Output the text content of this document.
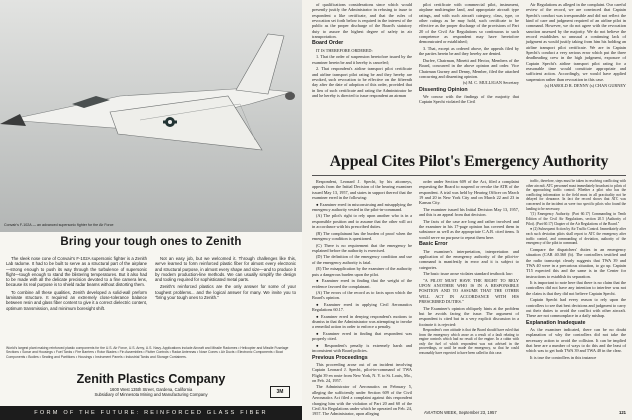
Convair's F-102A — an advanced supersonic fighter for the Air Force
Bring your tough ones to Zenith

The sleek nose cone of Convair's F-102A supersonic fighter is a Zenith Lab radome. It had to be built to serve as a structural part of the airplane—strong enough to push its way through the turbulence of supersonic flight—tough enough to stand the blistering temperatures. But it also had to be made with all the delicate precision devoted to a fine camera lens, because its real purpose is to shield radar beams without distorting them.

To combine all these qualities, Zenith developed a solid-wall preform laminate structure. It required an extremely close-tolerance balance between resin and glass fiber content to give it a correct dielectric content, optimum transmission, and minimum boresight shift.

Not an easy job, but we welcomed it. Through challenges like this, we've learned to form reinforced plastic fiber for almost every electronic and structural purpose, in almost every shape and size—and to produce it by modern production-line methods. We can usually simplify the design and tooling required for sophisticated metal parts.

Zenith's reinforced plastics are the only answer for some of your toughest problems... and the logical answer for many. We invite you to "bring your tough ones to Zenith."

World's largest plant making reinforced plastic components for the U.S. Air Force, U.S. Army, U.S. Navy. Applications include Aircraft and Missile Radomes • Helicopter and Missile Fuselage Sections • Sonar and Housings • Fuel Tanks • Fire Barriers • Rotor Blades • Fin Assemblies • Flutter Controls • Radar Antennas • Nose Cones • Air Ducts • Electronic Components • Boat Components • Bodies • Seating and Partitions • Housings • Instrument Panels • Industrial Tanks and Storage Containers.
Zenith Plastics Company
1600 West 135th Street, Gardena, California
Subsidiary of Minnesota Mining and Manufacturing Company	3M
FORM OF THE FUTURE: REINFORCED GLASS FIBER

of qualifications considerations since which would presently justify the Administrator in refusing to issue to respondent a like certificate, and that the rules of revocation set forth below is required in the interest of the public as the proper discharge of the Board's statutory duty to assure the highest degree of safety in air transportation.

Board Order

IT IS THEREFORE ORDERED:

1. That the order of suspension heretofore issued by the examiner herein be and it hereby is canceled;

2. That respondent's airline transport pilot certificate and airline transport pilot rating be and they hereby are revoked, such revocation to be effective on the fifteenth day after the date of adoption of this order, provided that in lieu of such certificate and rating the Administrator be and he hereby is directed to issue respondent an airman

pilot certificate with commercial pilot, instrument, airplane multiengine land, and appropriate aircraft type ratings, and with such aircraft category, class, type, or other ratings as he may hold, such certificate to be effective as the proper discharge of the provisions of Part 20 of the Civil Air Regulations so continuous to such competence as respondent may have heretofore demonstrated or established;

3. That, except as ordered above, the appeals filed by the parties herein be and they hereby are denied.

Durfee, Chairman, Minetti and Hector, Members of the Board, concurred in the above opinion and order. Vice Chairman Gurney and Denny, Member, filed the attached concurring and dissenting opinion.

(s) M. C. MULLIGAN Secretary

Dissenting Opinion

We concur with the findings of the majority that Captain Specht violated the Civil

Air Regulations as alleged in the complaint. Our careful review of the record, we are convinced that Captain Specht's conduct was irresponsible and did not reflect the kind of care and judgment required of an airline pilot in command. However, we do not agree with the revocation sanction assessed by the majority. We do not believe the record establishes so unusual a continuing lack of judgment as would justify taking from him his holding an airline transport pilot certificate. We are in Captain Specht's conduct a very serious error which put the three deadheading crew in the high judgment, exposure of Captain Specht's airline transport pilot rating for a reasonable time would constitute appropriate and sufficient action. Accordingly, we would have applied suspension rather than revocation in this case.

(s) HAROLD R. DENNY (s) CHAN GURNEY

Appeal Cites Pilot's Emergency Authority

Respondent, Leonard J. Specht, by his attorneys, appeals from the Initial Decision of the hearing examiner issued May 13, 1957, and states in support thereof that the examiner erred in the following:

● Examiner erred in misconstruing and misapplying the emergency authority vested in the pilot-in-command.

(A) The pilot's right to rely upon another who is in a responsible position and to assume that the other will act in accordance with his prescribed duties.

(B) The complainant has the burden of proof when the emergency condition is questioned.

(C) There is no requirement that the emergency be explained before the authority is exercised.

(D) The definition of the emergency condition and use of the emergency authority is fatal.

(E) The misapplication by the examiner of the authority puts a dangerous burden upon the pilot.

● Examiner erred in finding that the weight of the evidence favored the complainant.

(A) The errors of the record as to facts upon which the Board's opinion.

● Examiner erred in applying Civil Aeronautics Regulations 60.17.

● Examiner erred in denying respondent's motions to dismiss in that the Administrator was attempting to invoke a remedial action in order to enforce a penalty.

● Examiner erred in finding that respondent was properly cited.

● Respondent's penalty is extremely harsh and inconsistent with Board policies.

Previous Proceedings

This proceeding arose out of an incident involving Captain Leonard J. Specht, pilot-in-command of TWA Flight 39 en route from New York, N. Y. to St. Louis, Mo., on Feb. 24, 1957.

The Administrator of Aeronautics on February 5, alleging the sufficiently under Section 609 of the Civil Aeronautics Act filed a complaint against this respondent charging him with the violation of Part 20 and 60 of the Civil Air Regulations under which he operated on Feb. 24, 1957. The Administrator, upon alleging

order under Section 609 of the Act, filed a complaint requesting the Board to suspend or revoke the ATR of the respondent. A trial was held by Hearing Officer on March 19 and 20 in New York City and on March 22 and 23 in Kansas City.

The examiner issued his Initial Decision May 13, 1957, and this is an appeal from that decision.

The facts of the case are long and rather involved and the examiner in his 17-page opinion has covered them in substance as well as the appropriate C.A.B. cited items. It would serve no purpose to repeat them here.

Basic Error

The examiner's interpretation, interpretation and application of the emergency authority of the pilot-in-command is manifestly in error and it is subject to categories.

The basic issue arose violates standard textbook law:

"A PILOT MUST HAVE THE RIGHT TO RELY UPON ANOTHER WHO IS IN A RESPONSIBLE POSITION AND TO ASSUME THAT THE OTHER WILL ACT IN ACCORDANCE WITH HIS PRESCRIBED DUTIES."

The Examiner's opinion obliquely hints at the problem but he avoids facing the issue. The argument of respondent is cited but in a very explicit discussion in a footnote it is rejected:

Respondent's own attitude is that the Board should have ruled that from the emergency which arose as a result of a fault relating to engine controls which had no result of the engine. In a cabin with only the fuel of which respondent was not advised in the proceedings, or until he made the emergency, so that he could reasonably have expected to have been called in this case.

traffic, therefore, steps must be taken in resolving conflicting with other aircraft. ATC personnel must immediately broadcast to pilots of the approaching traffic control. Whether a pilot who has the conflicting information to the field must in all practicality not be delayed for clearance. In fact the record shows that ATC was concerned in the incident as were two specific pilots who found the landing to be necessary.

"(1) Emergency Authority. (Part 60.17) Commanding in Tenth Edition of the Civil Air Regulations, section 20.5 (Authority of Pilot). (Part 60.17) Chapter of the Air Regulations of the Board."

● (2) Subsequent Action by Air Traffic Control. Immediately after each such deviation pilots shall report to ATC the emergency after traffic control, and commanding of deviation, authority of the emergency of the pilot in command.

Compare the dispatchers' duties in an emergency situation (CAR 40.360 (b). The controllers testified and the radio transcript clearly suggests that TWA 39 and TWA 40 were in a precarious situation, to go up. Captain T15 expected this and the same is in the Center for instructions to establish its separation.

It is important to note here that there is no claim that the controllers did not have any intention to interfere was not the claim is that they did not believe Captain Specht.

Captain Specht had every reason to rely upon the controllers to see that best decisions and judgment to carry out their duties to avoid the conflict with other aircraft. These are not commonplace in a daily mishap.

Explanation Inadequate

As the examiner indicated, there can be no doubt explanation of why the controllers did not take the necessary action to avoid the collision. It can be implied that here are a number of ways to do this and the least of which was to get both TWA 39 and TWA 40 in the clear.

It is true the controllers in this instance

AVIATION WEEK, September 23, 1957	121
